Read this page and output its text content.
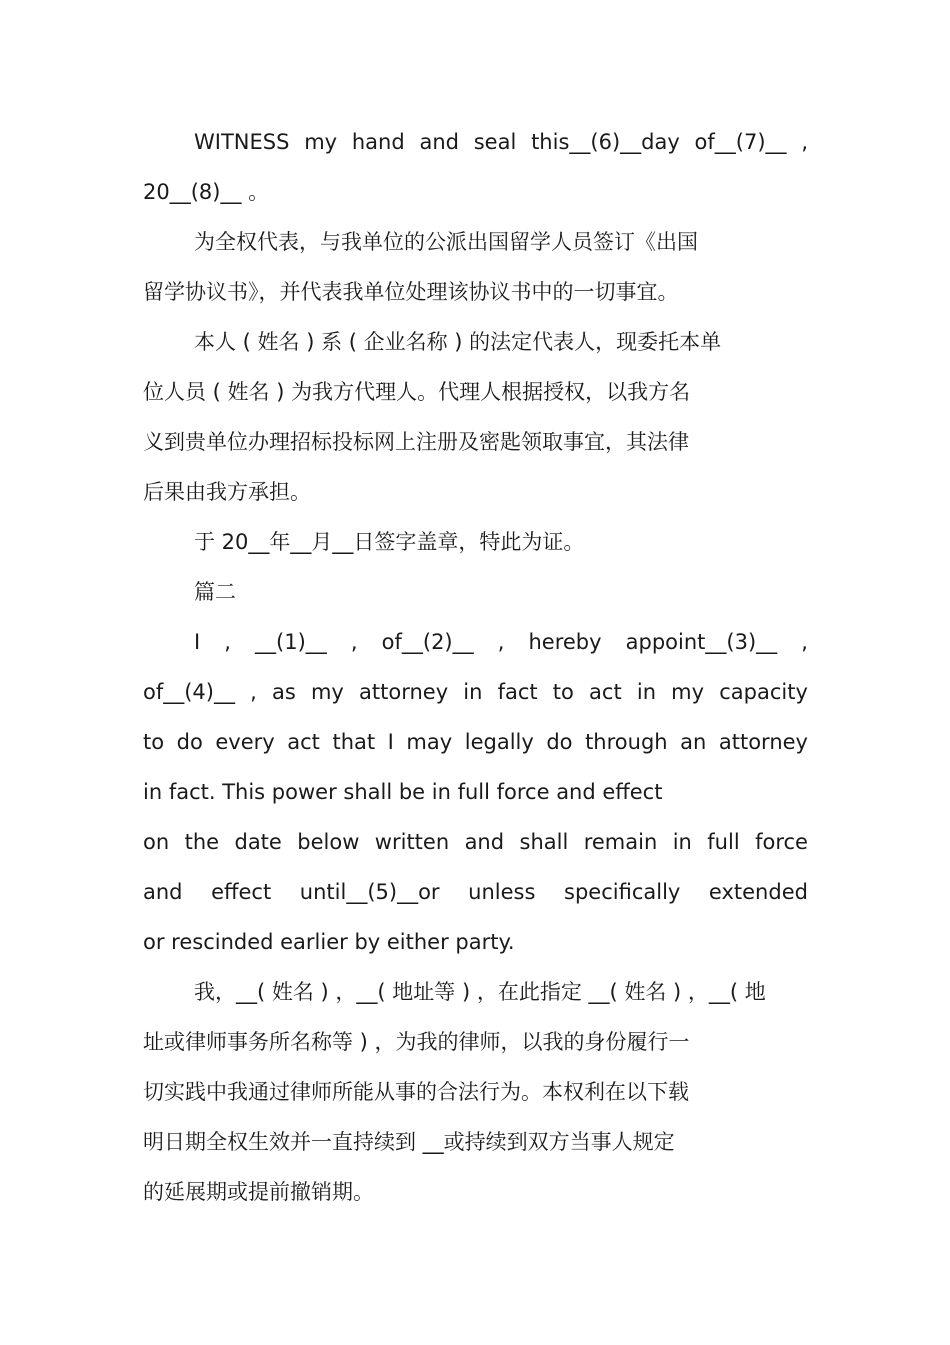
WITNESS my hand and seal this__(6)__day of__(7)__ ,
20__(8)__ 。
为全权代表，与我单位的公派出国留学人员签订《出国
留学协议书》，并代表我单位处理该协议书中的一切事宜。
本人 ( 姓名 ) 系 ( 企业名称 ) 的法定代表人，现委托本单
位人员 ( 姓名 ) 为我方代理人。代理人根据授权，以我方名
义到贵单位办理招标投标网上注册及密匙领取事宜，其法律
后果由我方承担。
于 20__年__月__日签字盖章，特此为证。
篇二
I , __(1)__ , of__(2)__ , hereby appoint__(3)__ ,
of__(4)__ , as my attorney in fact to act in my capacity
to do every act that I may legally do through an attorney
in fact. This power shall be in full force and effect
on the date below written and shall remain in full force
and effect until__(5)__or unless specifically extended
or rescinded earlier by either party.
我，__( 姓名 ) ，__( 地址等 ) ，在此指定 __( 姓名 ) ，__( 地
址或律师事务所名称等 ) ，为我的律师，以我的身份履行一
切实践中我通过律师所能从事的合法行为。本权利在以下载
明日期全权生效并一直持续到 __或持续到双方当事人规定
的延展期或提前撤销期。
